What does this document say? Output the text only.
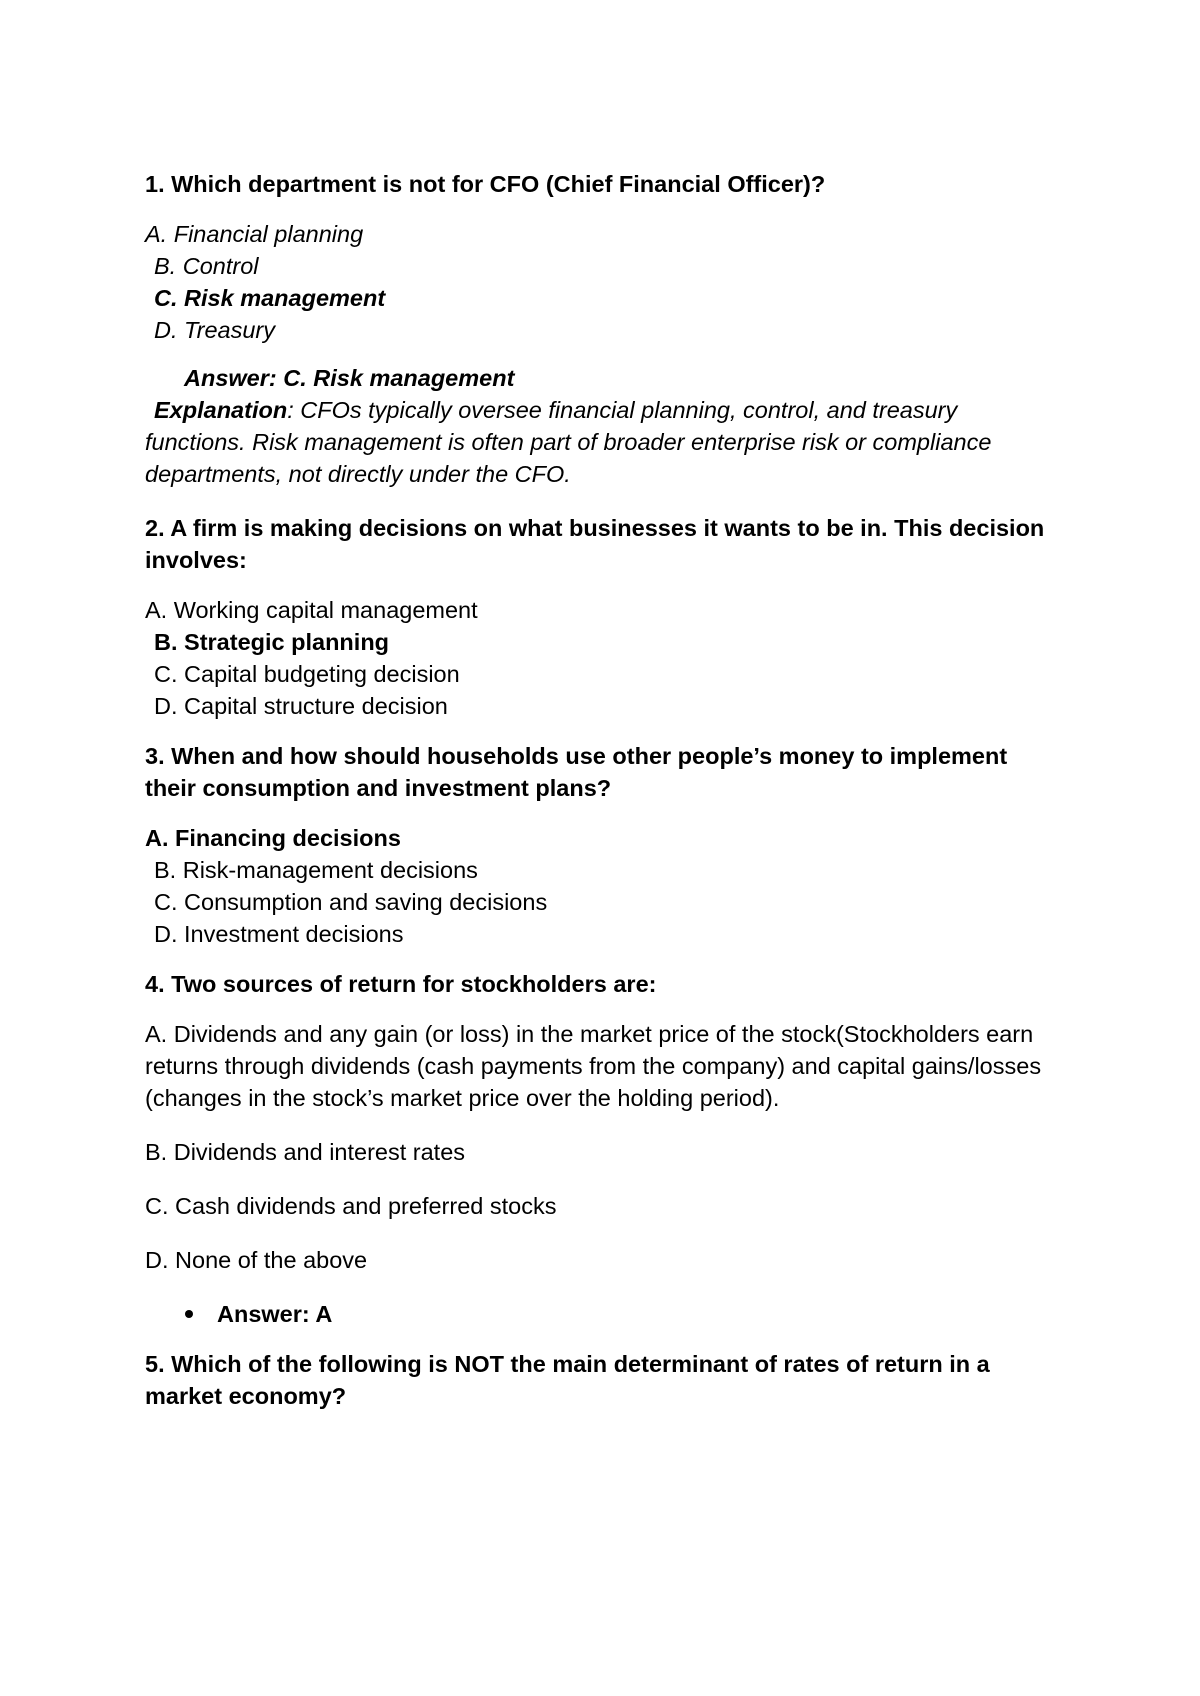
1. Which department is not for CFO (Chief Financial Officer)?
A. Financial planning
B. Control
C. Risk management
D. Treasury
Answer: C. Risk management
Explanation: CFOs typically oversee financial planning, control, and treasury functions. Risk management is often part of broader enterprise risk or compliance departments, not directly under the CFO.
2. A firm is making decisions on what businesses it wants to be in. This decision involves:
A. Working capital management
B. Strategic planning
C. Capital budgeting decision
D. Capital structure decision
3. When and how should households use other people’s money to implement their consumption and investment plans?
A. Financing decisions
B. Risk-management decisions
C. Consumption and saving decisions
D. Investment decisions
4. Two sources of return for stockholders are:
A. Dividends and any gain (or loss) in the market price of the stock(Stockholders earn returns through dividends (cash payments from the company) and capital gains/losses (changes in the stock’s market price over the holding period).
B. Dividends and interest rates
C. Cash dividends and preferred stocks
D. None of the above
Answer: A
5. Which of the following is NOT the main determinant of rates of return in a market economy?
